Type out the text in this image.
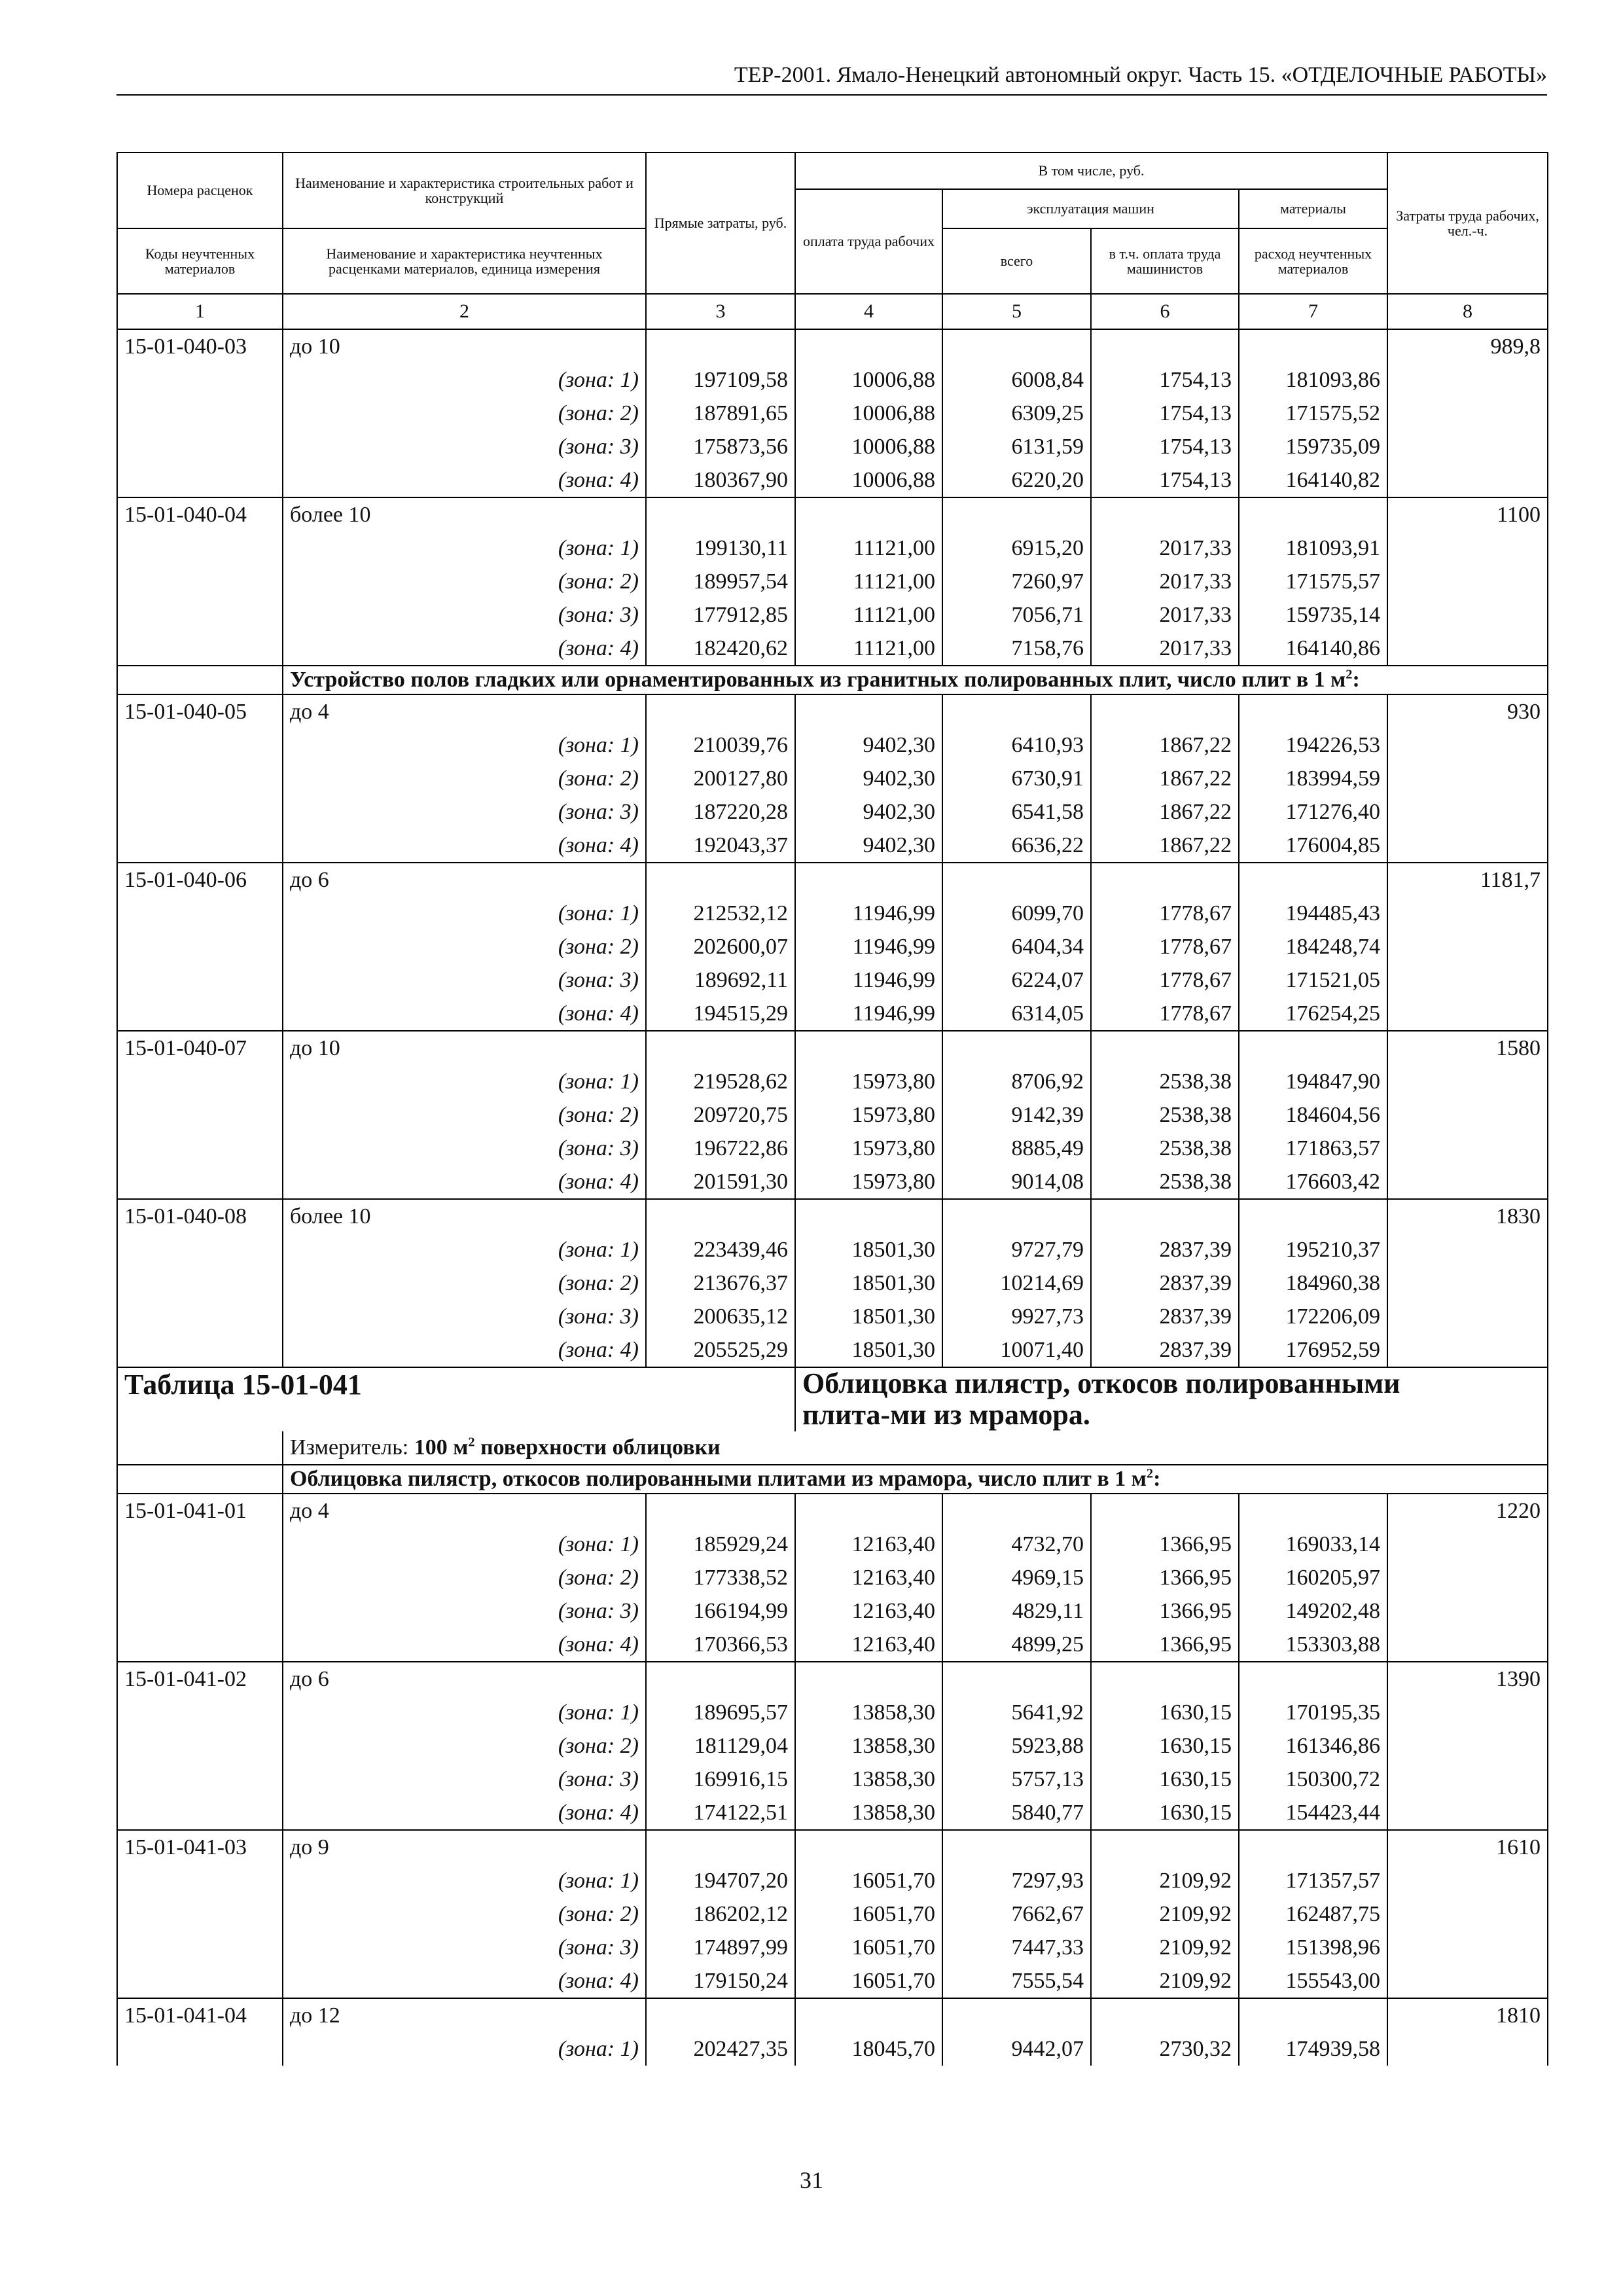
ТЕР-2001. Ямало-Ненецкий автономный округ. Часть 15. «ОТДЕЛОЧНЫЕ РАБОТЫ»
Номера расценок	Наименование и характеристика строительных работ и конструкций	Прямые затраты, руб.	В том числе, руб.				Затраты труда рабочих, чел.-ч.
			оплата труда рабочих	эксплуатация машин		материалы	
Коды неучтенных материалов	Наименование и характеристика неучтенных расценками материалов, единица измерения			всего	в т.ч. оплата труда машинистов	расход неучтенных материалов	
1	2	3	4	5	6	7	8
15-01-040-03	до 10						989,8
	(зона: 1)	197109,58	10006,88	6008,84	1754,13	181093,86	
	(зона: 2)	187891,65	10006,88	6309,25	1754,13	171575,52	
	(зона: 3)	175873,56	10006,88	6131,59	1754,13	159735,09	
	(зона: 4)	180367,90	10006,88	6220,20	1754,13	164140,82	
15-01-040-04	более 10						1100
	(зона: 1)	199130,11	11121,00	6915,20	2017,33	181093,91	
	(зона: 2)	189957,54	11121,00	7260,97	2017,33	171575,57	
	(зона: 3)	177912,85	11121,00	7056,71	2017,33	159735,14	
	(зона: 4)	182420,62	11121,00	7158,76	2017,33	164140,86	
	Устройство полов гладких или орнаментированных из гранитных полированных плит, число плит в 1 $м^2$:						
15-01-040-05	до 4						930
	(зона: 1)	210039,76	9402,30	6410,93	1867,22	194226,53	
	(зона: 2)	200127,80	9402,30	6730,91	1867,22	183994,59	
	(зона: 3)	187220,28	9402,30	6541,58	1867,22	171276,40	
	(зона: 4)	192043,37	9402,30	6636,22	1867,22	176004,85	
15-01-040-06	до 6						1181,7
	(зона: 1)	212532,12	11946,99	6099,70	1778,67	194485,43	
	(зона: 2)	202600,07	11946,99	6404,34	1778,67	184248,74	
	(зона: 3)	189692,11	11946,99	6224,07	1778,67	171521,05	
	(зона: 4)	194515,29	11946,99	6314,05	1778,67	176254,25	
15-01-040-07	до 10						1580
	(зона: 1)	219528,62	15973,80	8706,92	2538,38	194847,90	
	(зона: 2)	209720,75	15973,80	9142,39	2538,38	184604,56	
	(зона: 3)	196722,86	15973,80	8885,49	2538,38	171863,57	
	(зона: 4)	201591,30	15973,80	9014,08	2538,38	176603,42	
15-01-040-08	более 10						1830
	(зона: 1)	223439,46	18501,30	9727,79	2837,39	195210,37	
	(зона: 2)	213676,37	18501,30	10214,69	2837,39	184960,38	
	(зона: 3)	200635,12	18501,30	9927,73	2837,39	172206,09	
	(зона: 4)	205525,29	18501,30	10071,40	2837,39	176952,59	
Таблица 15-01-041			Облицовка пилястр, откосов полированными плита-ми из мрамора.				
	Измеритель: 100 $м^2$ поверхности облицовки						
	Облицовка пилястр, откосов полированными плитами из мрамора, число плит в 1 $м^2$:						
15-01-041-01	до 4						1220
	(зона: 1)	185929,24	12163,40	4732,70	1366,95	169033,14	
	(зона: 2)	177338,52	12163,40	4969,15	1366,95	160205,97	
	(зона: 3)	166194,99	12163,40	4829,11	1366,95	149202,48	
	(зона: 4)	170366,53	12163,40	4899,25	1366,95	153303,88	
15-01-041-02	до 6						1390
	(зона: 1)	189695,57	13858,30	5641,92	1630,15	170195,35	
	(зона: 2)	181129,04	13858,30	5923,88	1630,15	161346,86	
	(зона: 3)	169916,15	13858,30	5757,13	1630,15	150300,72	
	(зона: 4)	174122,51	13858,30	5840,77	1630,15	154423,44	
15-01-041-03	до 9						1610
	(зона: 1)	194707,20	16051,70	7297,93	2109,92	171357,57	
	(зона: 2)	186202,12	16051,70	7662,67	2109,92	162487,75	
	(зона: 3)	174897,99	16051,70	7447,33	2109,92	151398,96	
	(зона: 4)	179150,24	16051,70	7555,54	2109,92	155543,00	
15-01-041-04	до 12						1810
	(зона: 1)	202427,35	18045,70	9442,07	2730,32	174939,58	
31
